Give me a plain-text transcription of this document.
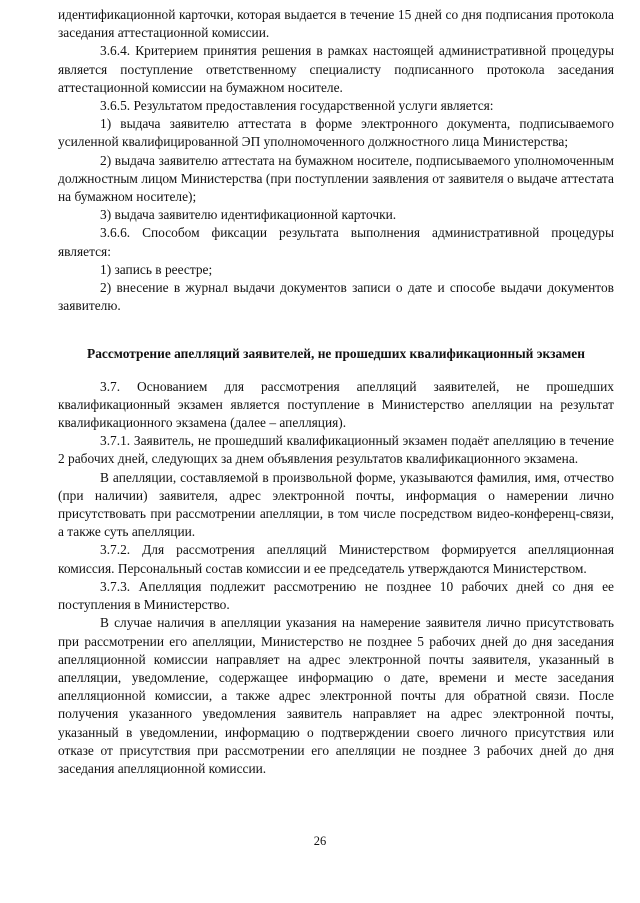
идентификационной карточки, которая выдается в течение 15 дней со дня подписания протокола заседания аттестационной комиссии.

3.6.4. Критерием принятия решения в рамках настоящей административной процедуры является поступление ответственному специалисту подписанного протокола заседания аттестационной комиссии на бумажном носителе.

3.6.5. Результатом предоставления государственной услуги является:

1) выдача заявителю аттестата в форме электронного документа, подписываемого усиленной квалифицированной ЭП уполномоченного должностного лица Министерства;

2) выдача заявителю аттестата на бумажном носителе, подписываемого уполномоченным должностным лицом Министерства (при поступлении заявления от заявителя о выдаче аттестата на бумажном носителе);

3) выдача заявителю идентификационной карточки.

3.6.6. Способом фиксации результата выполнения административной процедуры является:

1) запись в реестре;

2) внесение в журнал выдачи документов записи о дате и способе выдачи документов заявителю.

Рассмотрение апелляций заявителей, не прошедших квалификационный экзамен

3.7. Основанием для рассмотрения апелляций заявителей, не прошедших квалификационный экзамен является поступление в Министерство апелляции на результат квалификационного экзамена (далее – апелляция).

3.7.1. Заявитель, не прошедший квалификационный экзамен подаёт апелляцию в течение 2 рабочих дней, следующих за днем объявления результатов квалификационного экзамена.

В апелляции, составляемой в произвольной форме, указываются фамилия, имя, отчество (при наличии) заявителя, адрес электронной почты, информация о намерении лично присутствовать при рассмотрении апелляции, в том числе посредством видео-конференц-связи, а также суть апелляции.

3.7.2. Для рассмотрения апелляций Министерством формируется апелляционная комиссия. Персональный состав комиссии и ее председатель утверждаются Министерством.

3.7.3. Апелляция подлежит рассмотрению не позднее 10 рабочих дней со дня ее поступления в Министерство.

В случае наличия в апелляции указания на намерение заявителя лично присутствовать при рассмотрении его апелляции, Министерство не позднее 5 рабочих дней до дня заседания апелляционной комиссии направляет на адрес электронной почты заявителя, указанный в апелляции, уведомление, содержащее информацию о дате, времени и месте заседания апелляционной комиссии, а также адрес электронной почты для обратной связи. После получения указанного уведомления заявитель направляет на адрес электронной почты, указанный в уведомлении, информацию о подтверждении своего личного присутствия или отказе от присутствия при рассмотрении его апелляции не позднее 3 рабочих дней до дня заседания апелляционной комиссии.

26
